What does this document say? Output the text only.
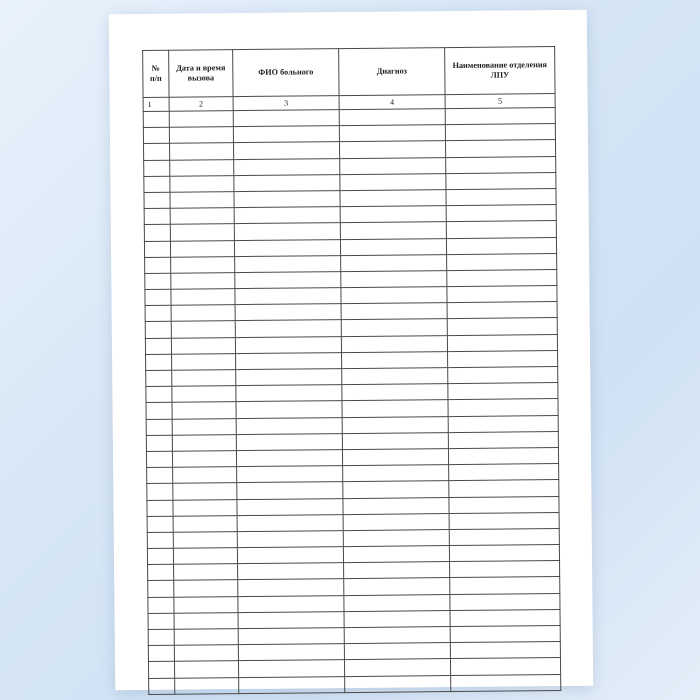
№
п/п	Дата и время вызова	ФИО больного	Диагноз	Наименование отделения ЛПУ
1	2	3	4	5
